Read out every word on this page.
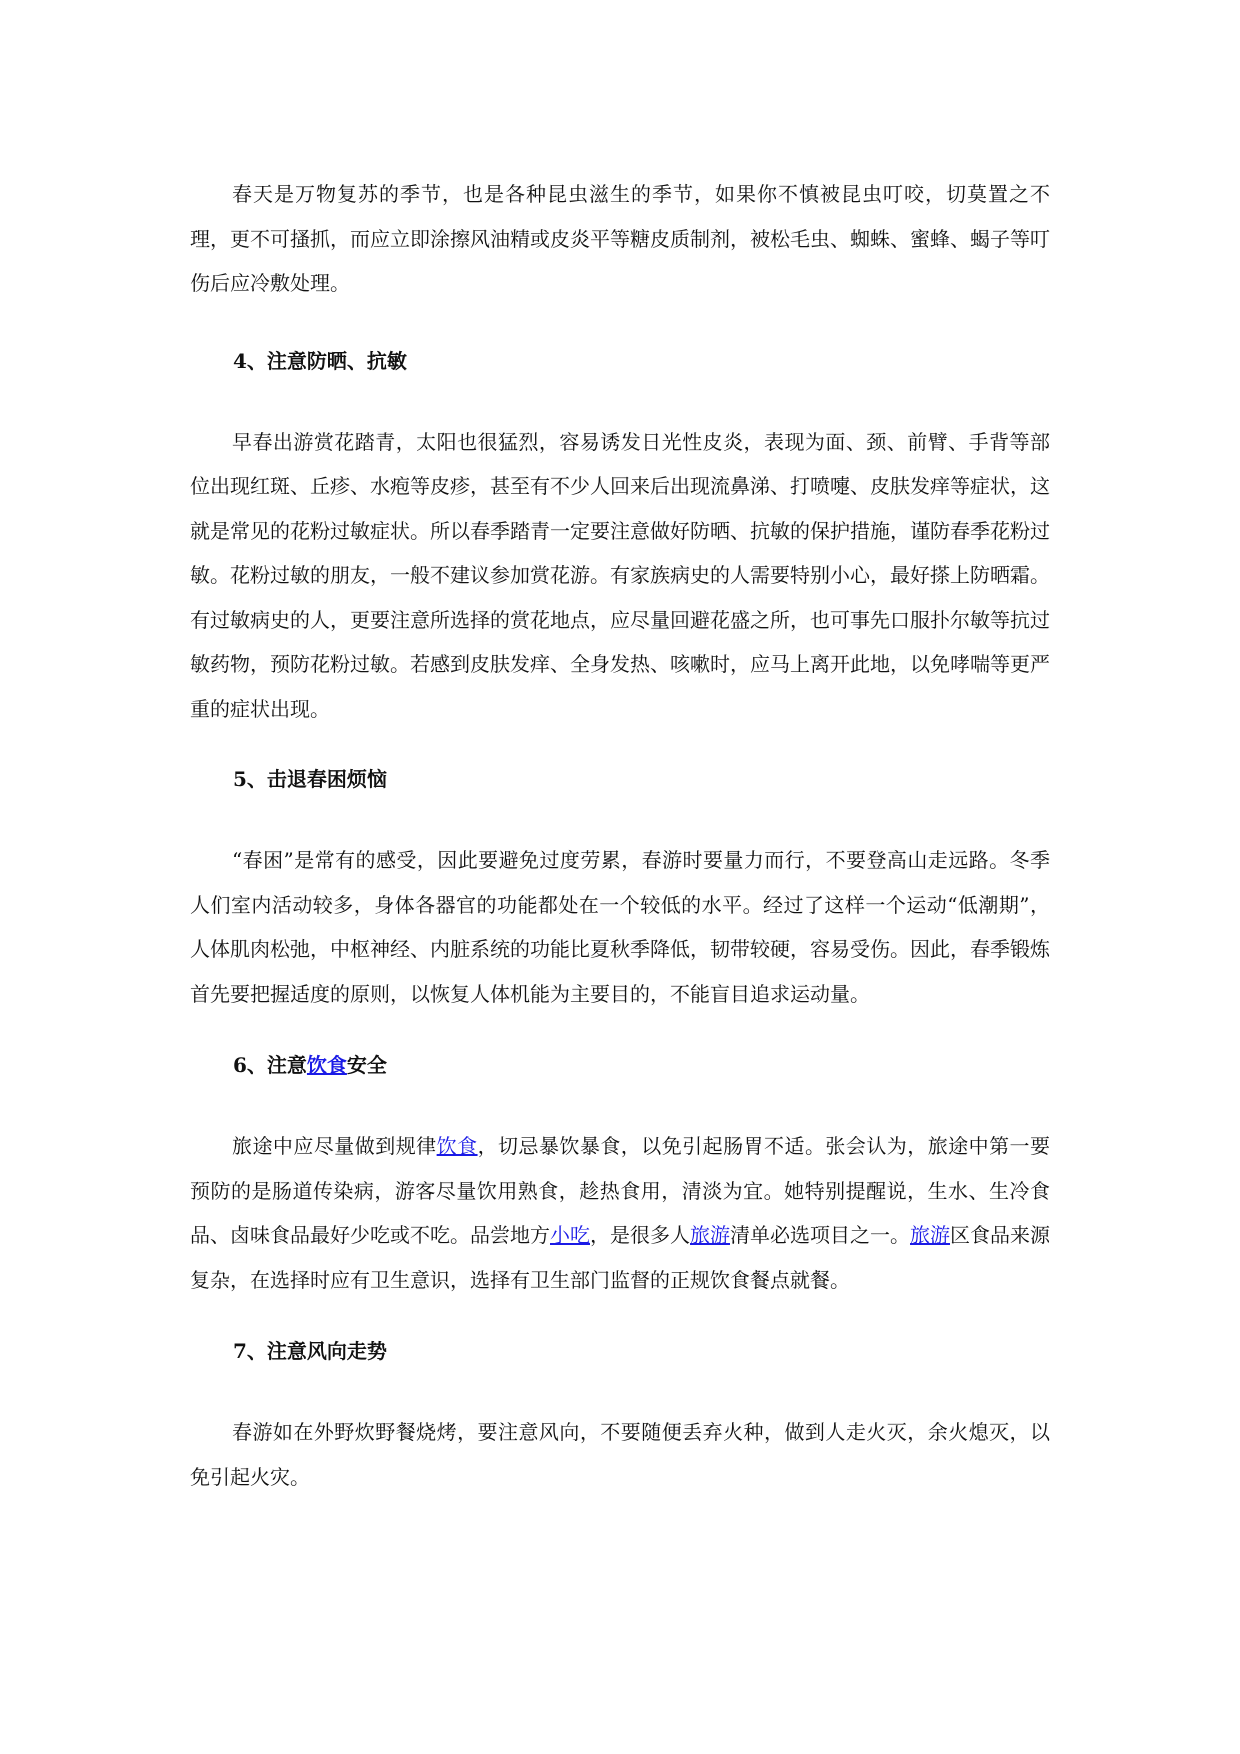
春天是万物复苏的季节，也是各种昆虫滋生的季节，如果你不慎被昆虫叮咬，切莫置之不理，更不可搔抓，而应立即涂擦风油精或皮炎平等糖皮质制剂，被松毛虫、蜘蛛、蜜蜂、蝎子等叮伤后应冷敷处理。

4、注意防晒、抗敏

早春出游赏花踏青，太阳也很猛烈，容易诱发日光性皮炎，表现为面、颈、前臂、手背等部位出现红斑、丘疹、水疱等皮疹，甚至有不少人回来后出现流鼻涕、打喷嚏、皮肤发痒等症状，这就是常见的花粉过敏症状。所以春季踏青一定要注意做好防晒、抗敏的保护措施，谨防春季花粉过敏。花粉过敏的朋友，一般不建议参加赏花游。有家族病史的人需要特别小心，最好搽上防晒霜。有过敏病史的人，更要注意所选择的赏花地点，应尽量回避花盛之所，也可事先口服扑尔敏等抗过敏药物，预防花粉过敏。若感到皮肤发痒、全身发热、咳嗽时，应马上离开此地，以免哮喘等更严重的症状出现。

5、击退春困烦恼

“春困”是常有的感受，因此要避免过度劳累，春游时要量力而行，不要登高山走远路。冬季人们室内活动较多，身体各器官的功能都处在一个较低的水平。经过了这样一个运动“低潮期”，人体肌肉松弛，中枢神经、内脏系统的功能比夏秋季降低，韧带较硬，容易受伤。因此，春季锻炼首先要把握适度的原则，以恢复人体机能为主要目的，不能盲目追求运动量。

6、注意饮食安全

旅途中应尽量做到规律饮食，切忌暴饮暴食，以免引起肠胃不适。张会认为，旅途中第一要预防的是肠道传染病，游客尽量饮用熟食，趁热食用，清淡为宜。她特别提醒说，生水、生冷食品、卤味食品最好少吃或不吃。品尝地方小吃，是很多人旅游清单必选项目之一。旅游区食品来源复杂，在选择时应有卫生意识，选择有卫生部门监督的正规饮食餐点就餐。

7、注意风向走势

春游如在外野炊野餐烧烤，要注意风向，不要随便丢弃火种，做到人走火灭，余火熄灭，以免引起火灾。
